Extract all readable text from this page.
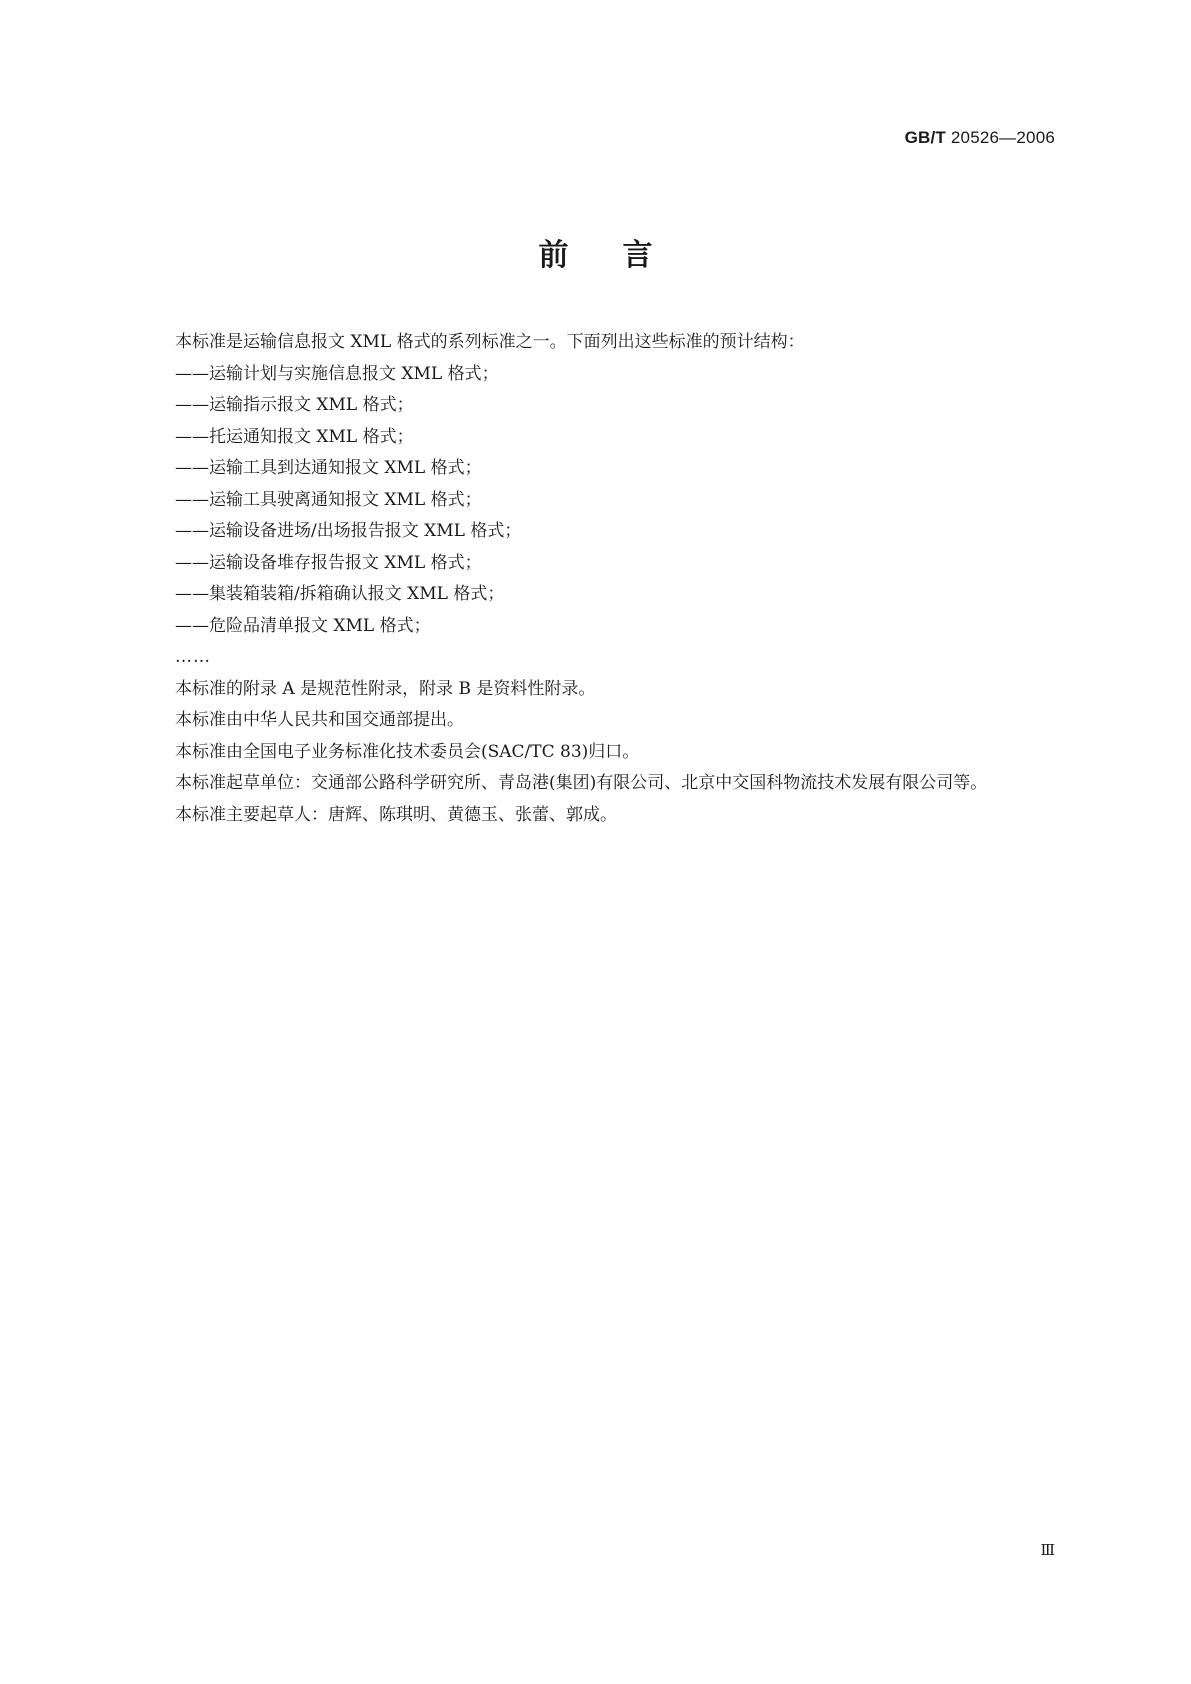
GB/T 20526—2006
前言

本标准是运输信息报文 XML 格式的系列标准之一。下面列出这些标准的预计结构：

——运输计划与实施信息报文 XML 格式；

——运输指示报文 XML 格式；

——托运通知报文 XML 格式；

——运输工具到达通知报文 XML 格式；

——运输工具驶离通知报文 XML 格式；

——运输设备进场/出场报告报文 XML 格式；

——运输设备堆存报告报文 XML 格式；

——集装箱装箱/拆箱确认报文 XML 格式；

——危险品清单报文 XML 格式；

……

本标准的附录 A 是规范性附录，附录 B 是资料性附录。

本标准由中华人民共和国交通部提出。

本标准由全国电子业务标准化技术委员会(SAC/TC 83)归口。

本标准起草单位：交通部公路科学研究所、青岛港(集团)有限公司、北京中交国科物流技术发展有限公司等。

本标准主要起草人：唐辉、陈琪明、黄德玉、张蕾、郭成。

Ⅲ
